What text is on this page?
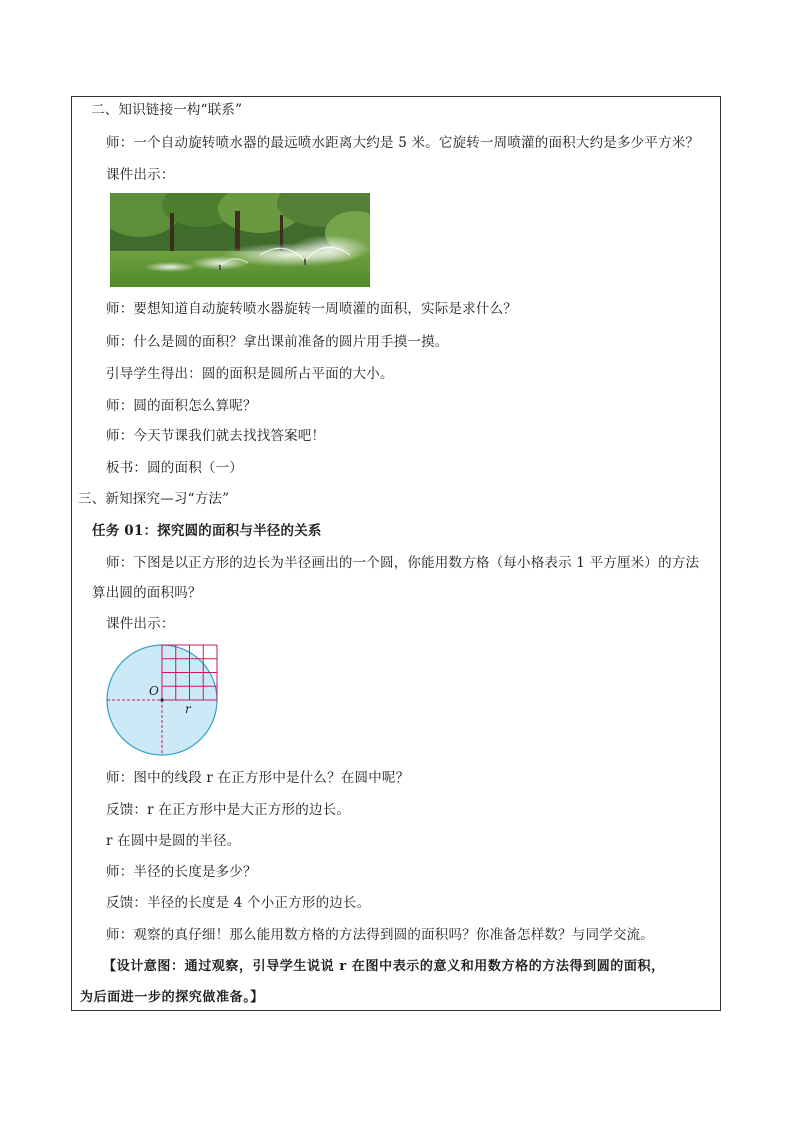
二、知识链接一构“联系”
师：一个自动旋转喷水器的最远喷水距离大约是 5 米。它旋转一周喷灌的面积大约是多少平方米？
课件出示：
师：要想知道自动旋转喷水器旋转一周喷灌的面积，实际是求什么？
师：什么是圆的面积？拿出课前准备的圆片用手摸一摸。
引导学生得出：圆的面积是圆所占平面的大小。
师：圆的面积怎么算呢？
师：今天节课我们就去找找答案吧！
板书：圆的面积（一）
三、新知探究—习“方法”
任务 01：探究圆的面积与半径的关系
师：下图是以正方形的边长为半径画出的一个圆，你能用数方格（每小格表示 1 平方厘米）的方法
算出圆的面积吗？
课件出示：
O
r
师：图中的线段 r 在正方形中是什么？在圆中呢？
反馈：r 在正方形中是大正方形的边长。
r 在圆中是圆的半径。
师：半径的长度是多少？
反馈：半径的长度是 4 个小正方形的边长。
师：观察的真仔细！那么能用数方格的方法得到圆的面积吗？你准备怎样数？与同学交流。
【设计意图：通过观察，引导学生说说 r 在图中表示的意义和用数方格的方法得到圆的面积，
为后面进一步的探究做准备。】
